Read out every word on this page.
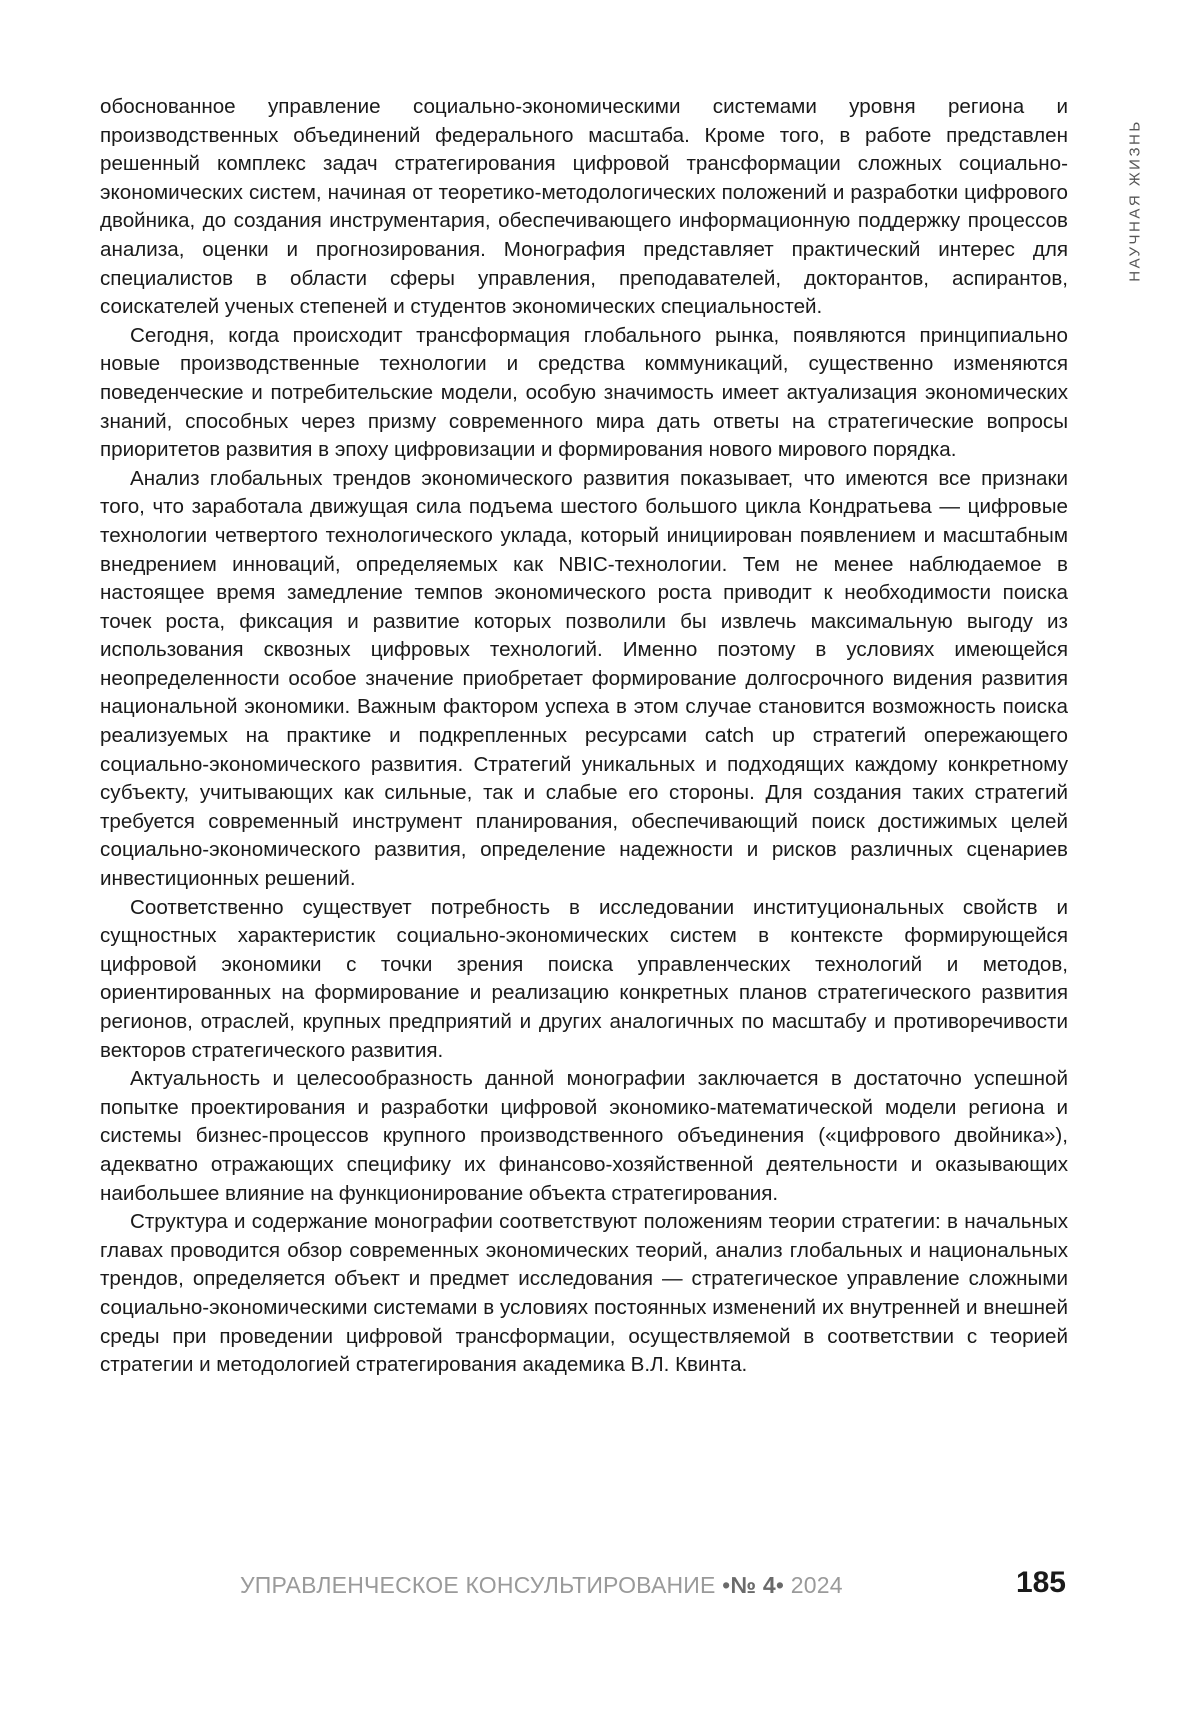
НАУЧНАЯ ЖИЗНЬ

обоснованное управление социально-экономическими системами уровня региона и производственных объединений федерального масштаба. Кроме того, в работе представлен решенный комплекс задач стратегирования цифровой трансформации сложных социально-экономических систем, начиная от теоретико-методологических положений и разработки цифрового двойника, до создания инструментария, обеспечивающего информационную поддержку процессов анализа, оценки и прогнозирования. Монография представляет практический интерес для специалистов в области сферы управления, преподавателей, докторантов, аспирантов, соискателей ученых степеней и студентов экономических специальностей.

Сегодня, когда происходит трансформация глобального рынка, появляются принципиально новые производственные технологии и средства коммуникаций, существенно изменяются поведенческие и потребительские модели, особую значимость имеет актуализация экономических знаний, способных через призму современного мира дать ответы на стратегические вопросы приоритетов развития в эпоху цифровизации и формирования нового мирового порядка.

Анализ глобальных трендов экономического развития показывает, что имеются все признаки того, что заработала движущая сила подъема шестого большого цикла Кондратьева — цифровые технологии четвертого технологического уклада, который инициирован появлением и масштабным внедрением инноваций, определяемых как NBIC-технологии. Тем не менее наблюдаемое в настоящее время замедление темпов экономического роста приводит к необходимости поиска точек роста, фиксация и развитие которых позволили бы извлечь максимальную выгоду из использования сквозных цифровых технологий. Именно поэтому в условиях имеющейся неопределенности особое значение приобретает формирование долгосрочного видения развития национальной экономики. Важным фактором успеха в этом случае становится возможность поиска реализуемых на практике и подкрепленных ресурсами catch up стратегий опережающего социально-экономического развития. Стратегий уникальных и подходящих каждому конкретному субъекту, учитывающих как сильные, так и слабые его стороны. Для создания таких стратегий требуется современный инструмент планирования, обеспечивающий поиск достижимых целей социально-экономического развития, определение надежности и рисков различных сценариев инвестиционных решений.

Соответственно существует потребность в исследовании институциональных свойств и сущностных характеристик социально-экономических систем в контексте формирующейся цифровой экономики с точки зрения поиска управленческих технологий и методов, ориентированных на формирование и реализацию конкретных планов стратегического развития регионов, отраслей, крупных предприятий и других аналогичных по масштабу и противоречивости векторов стратегического развития.

Актуальность и целесообразность данной монографии заключается в достаточно успешной попытке проектирования и разработки цифровой экономико-математической модели региона и системы бизнес-процессов крупного производственного объединения («цифрового двойника»), адекватно отражающих специфику их финансово-хозяйственной деятельности и оказывающих наибольшее влияние на функционирование объекта стратегирования.

Структура и содержание монографии соответствуют положениям теории стратегии: в начальных главах проводится обзор современных экономических теорий, анализ глобальных и национальных трендов, определяется объект и предмет исследования — стратегическое управление сложными социально-экономическими системами в условиях постоянных изменений их внутренней и внешней среды при проведении цифровой трансформации, осуществляемой в соответствии с теорией стратегии и методологией стратегирования академика В.Л. Квинта.

УПРАВЛЕНЧЕСКОЕ КОНСУЛЬТИРОВАНИЕ •№ 4• 2024	185
